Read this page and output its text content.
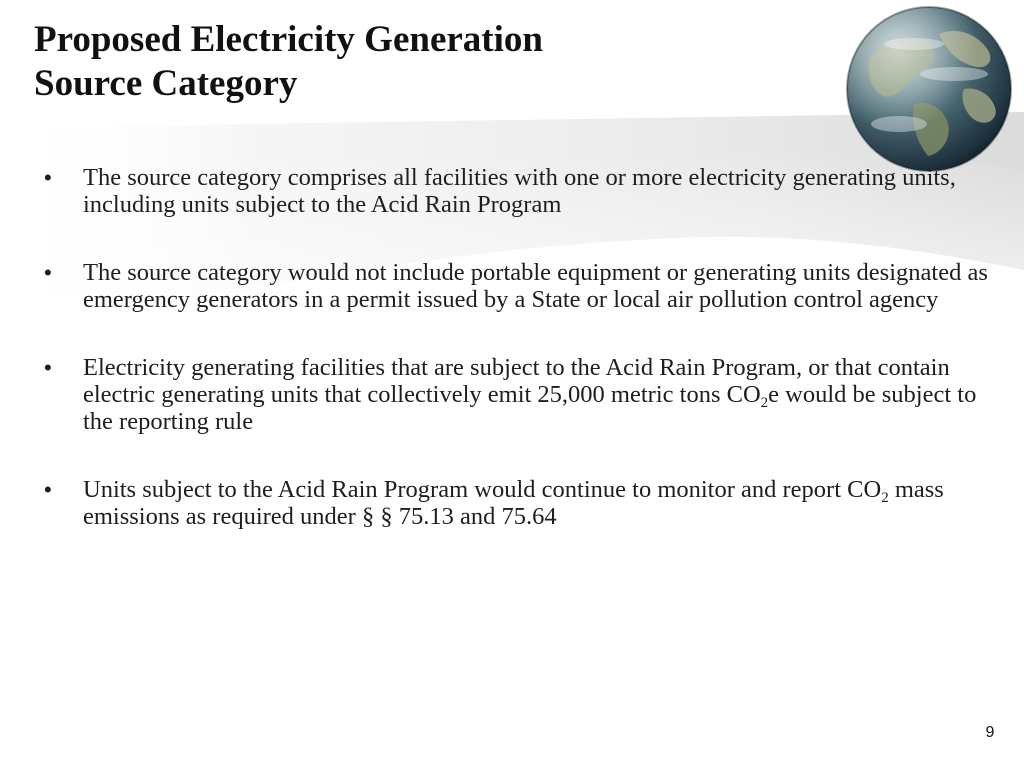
Proposed Electricity Generation
Source Category
• The source category comprises all facilities with one or more electricity generating units, including units subject to the Acid Rain Program
• The source category would not include portable equipment or generating units designated as emergency generators in a permit issued by a State or local air pollution control agency
• Electricity generating facilities that are subject to the Acid Rain Program, or that contain electric generating units that collectively emit 25,000 metric tons $CO_2e$ would be subject to the reporting rule
• Units subject to the Acid Rain Program would continue to monitor and report $CO_2$ mass emissions as required under § § 75.13 and 75.64
9
